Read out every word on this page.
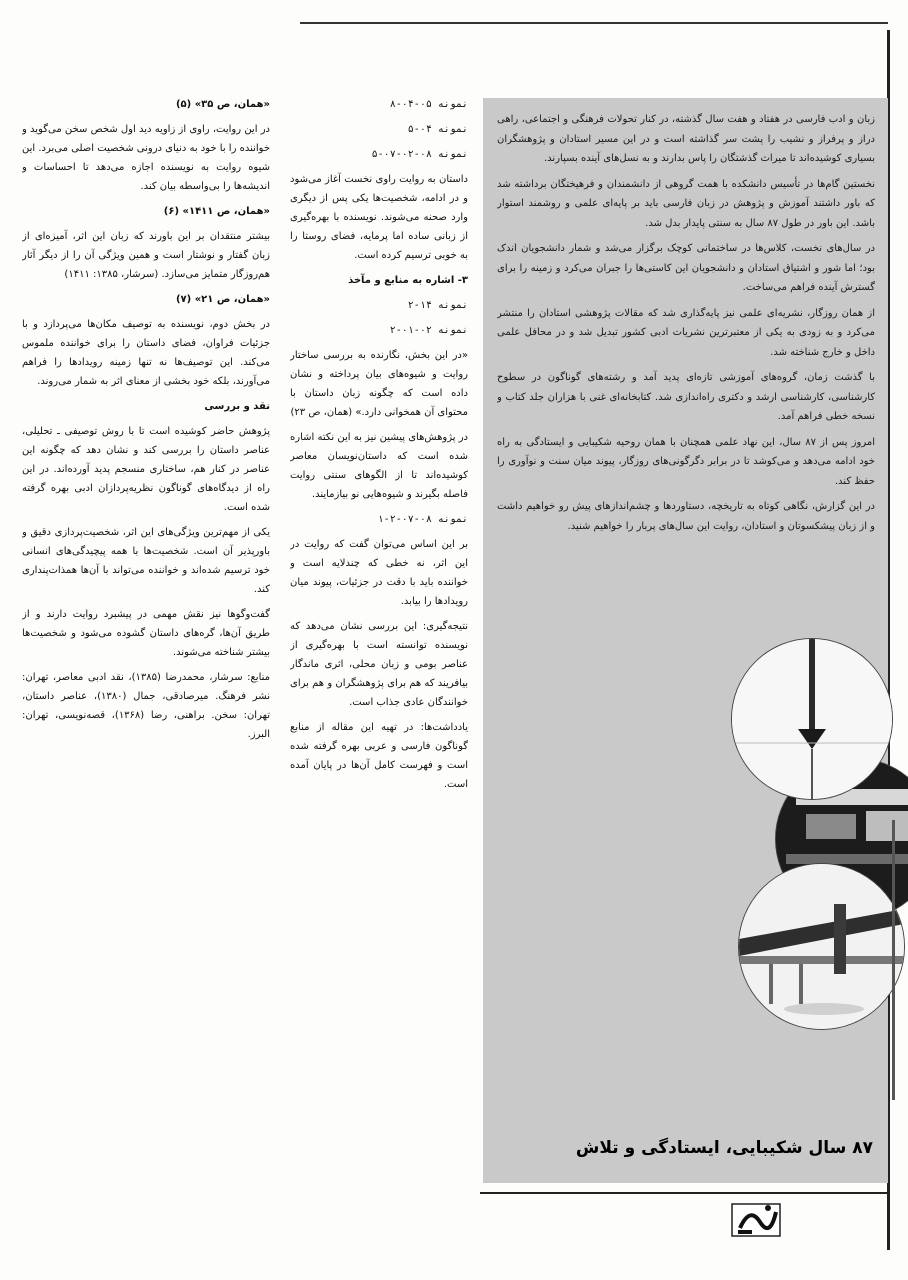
«همان، ص ۳۵» (۵)

در این روایت، راوی از زاویه دید اول شخص سخن می‌گوید و خواننده را با خود به دنیای درونی شخصیت اصلی می‌برد. این شیوه روایت به نویسنده اجازه می‌دهد تا احساسات و اندیشه‌ها را بی‌واسطه بیان کند.

«همان، ص ۱۴۱۱» (۶)

بیشتر منتقدان بر این باورند که زبان این اثر، آمیزه‌ای از زبان گفتار و نوشتار است و همین ویژگی آن را از دیگر آثار هم‌روزگار متمایز می‌سازد. (سرشار، ۱۳۸۵: ۱۴۱۱)

«همان، ص ۲۱» (۷)

در بخش دوم، نویسنده به توصیف مکان‌ها می‌پردازد و با جزئیات فراوان، فضای داستان را برای خواننده ملموس می‌کند. این توصیف‌ها نه تنها زمینه رویدادها را فراهم می‌آورند، بلکه خود بخشی از معنای اثر به شمار می‌روند.

نقد و بررسی

پژوهش حاضر کوشیده است تا با روش توصیفی ـ تحلیلی، عناصر داستان را بررسی کند و نشان دهد که چگونه این عناصر در کنار هم، ساختاری منسجم پدید آورده‌اند. در این راه از دیدگاه‌های گوناگون نظریه‌پردازان ادبی بهره گرفته شده است.

یکی از مهم‌ترین ویژگی‌های این اثر، شخصیت‌پردازی دقیق و باورپذیر آن است. شخصیت‌ها با همه پیچیدگی‌های انسانی خود ترسیم شده‌اند و خواننده می‌تواند با آن‌ها همذات‌پنداری کند.

گفت‌وگوها نیز نقش مهمی در پیشبرد روایت دارند و از طریق آن‌ها، گره‌های داستان گشوده می‌شود و شخصیت‌ها بیشتر شناخته می‌شوند.

منابع: سرشار، محمدرضا (۱۳۸۵)، نقد ادبی معاصر، تهران: نشر فرهنگ. میرصادقی، جمال (۱۳۸۰)، عناصر داستان، تهران: سخن. براهنی، رضا (۱۳۶۸)، قصه‌نویسی، تهران: البرز.

نمونه ۰۵-۰۴-۸

نمونه ۰۴-۵

نمونه ۰۸-۰۲-۰۷-۵

داستان به روایت راوی نخست آغاز می‌شود و در ادامه، شخصیت‌ها یکی پس از دیگری وارد صحنه می‌شوند. نویسنده با بهره‌گیری از زبانی ساده اما پرمایه، فضای روستا را به خوبی ترسیم کرده است.

۳- اشاره به منابع و مآخذ

نمونه ۱۴-۲

نمونه ۰۲-۰۱-۲

«در این بخش، نگارنده به بررسی ساختار روایت و شیوه‌های بیان پرداخته و نشان داده است که چگونه زبان داستان با محتوای آن همخوانی دارد.» (همان، ص ۲۳)

در پژوهش‌های پیشین نیز به این نکته اشاره شده است که داستان‌نویسان معاصر کوشیده‌اند تا از الگوهای سنتی روایت فاصله بگیرند و شیوه‌هایی نو بیازمایند.

نمونه ۰۸-۰۷-۲-۱

بر این اساس می‌توان گفت که روایت در این اثر، نه خطی که چندلایه است و خواننده باید با دقت در جزئیات، پیوند میان رویدادها را بیابد.

نتیجه‌گیری: این بررسی نشان می‌دهد که نویسنده توانسته است با بهره‌گیری از عناصر بومی و زبان محلی، اثری ماندگار بیافریند که هم برای پژوهشگران و هم برای خوانندگان عادی جذاب است.

یادداشت‌ها: در تهیه این مقاله از منابع گوناگون فارسی و عربی بهره گرفته شده است و فهرست کامل آن‌ها در پایان آمده است.

زبان و ادب فارسی در هفتاد و هفت سال گذشته، در کنار تحولات فرهنگی و اجتماعی، راهی دراز و پرفراز و نشیب را پشت سر گذاشته است و در این مسیر استادان و پژوهشگران بسیاری کوشیده‌اند تا میراث گذشتگان را پاس بدارند و به نسل‌های آینده بسپارند.

نخستین گام‌ها در تأسیس دانشکده با همت گروهی از دانشمندان و فرهیختگان برداشته شد که باور داشتند آموزش و پژوهش در زبان فارسی باید بر پایه‌ای علمی و روشمند استوار باشد. این باور در طول ۸۷ سال به سنتی پایدار بدل شد.

در سال‌های نخست، کلاس‌ها در ساختمانی کوچک برگزار می‌شد و شمار دانشجویان اندک بود؛ اما شور و اشتیاق استادان و دانشجویان این کاستی‌ها را جبران می‌کرد و زمینه را برای گسترش آینده فراهم می‌ساخت.

از همان روزگار، نشریه‌ای علمی نیز پایه‌گذاری شد که مقالات پژوهشی استادان را منتشر می‌کرد و به زودی به یکی از معتبرترین نشریات ادبی کشور تبدیل شد و در محافل علمی داخل و خارج شناخته شد.

با گذشت زمان، گروه‌های آموزشی تازه‌ای پدید آمد و رشته‌های گوناگون در سطوح کارشناسی، کارشناسی ارشد و دکتری راه‌اندازی شد. کتابخانه‌ای غنی با هزاران جلد کتاب و نسخه خطی فراهم آمد.

امروز پس از ۸۷ سال، این نهاد علمی همچنان با همان روحیه شکیبایی و ایستادگی به راه خود ادامه می‌دهد و می‌کوشد تا در برابر دگرگونی‌های روزگار، پیوند میان سنت و نوآوری را حفظ کند.

در این گزارش، نگاهی کوتاه به تاریخچه، دستاوردها و چشم‌اندازهای پیش رو خواهیم داشت و از زبان پیشکسوتان و استادان، روایت این سال‌های پربار را خواهیم شنید.

۸۷ سال شکیبایی، ایستادگی و تلاش
